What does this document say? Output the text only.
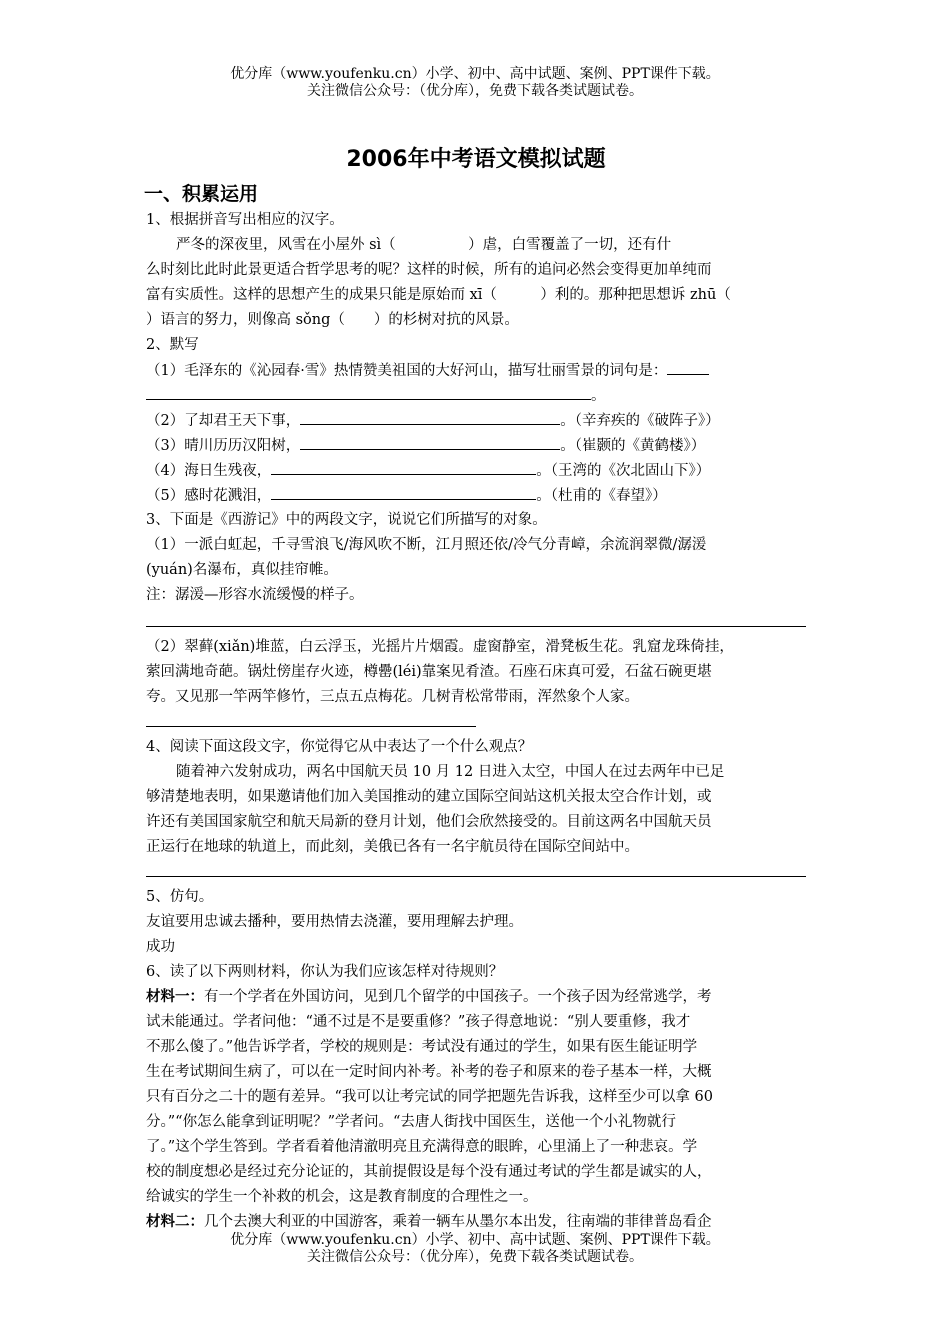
优分库（www.youfenku.cn）小学、初中、高中试题、案例、PPT课件下载。
关注微信公众号：（优分库），免费下载各类试题试卷。
2006年中考语文模拟试题
一、积累运用
1、根据拼音写出相应的汉字。
严冬的深夜里，风雪在小屋外 sì（　　　　　）虐，白雪覆盖了一切，还有什
么时刻比此时此景更适合哲学思考的呢？这样的时候，所有的追问必然会变得更加单纯而
富有实质性。这样的思想产生的成果只能是原始而 xī（　　　）利的。那种把思想诉 zhū（
）语言的努力，则像高 sǒng（　　）的杉树对抗的风景。
2、默写
（1）毛泽东的《沁园春·雪》热情赞美祖国的大好河山，描写壮丽雪景的词句是：
。
（2）了却君王天下事，	。（辛弃疾的《破阵子》）
（3）晴川历历汉阳树，	。（崔颢的《黄鹤楼》）
（4）海日生残夜，	。（王湾的《次北固山下》）
（5）感时花溅泪，	。（杜甫的《春望》）
3、下面是《西游记》中的两段文字，说说它们所描写的对象。
（1）一派白虹起，千寻雪浪飞/海风吹不断，江月照还依/冷气分青嶂，余流润翠微/潺湲
(yuán)名瀑布，真似挂帘帷。
注：潺湲—形容水流缓慢的样子。
（2）翠藓(xiǎn)堆蓝，白云浮玉，光摇片片烟霞。虚窗静室，滑凳板生花。乳窟龙珠倚挂，
萦回满地奇葩。锅灶傍崖存火迹，樽罍(léi)靠案见肴渣。石座石床真可爱，石盆石碗更堪
夸。又见那一竿两竿修竹，三点五点梅花。几树青松常带雨，浑然象个人家。
4、阅读下面这段文字，你觉得它从中表达了一个什么观点？
随着神六发射成功，两名中国航天员 10 月 12 日进入太空，中国人在过去两年中已足
够清楚地表明，如果邀请他们加入美国推动的建立国际空间站这机关报太空合作计划，或
许还有美国国家航空和航天局新的登月计划，他们会欣然接受的。目前这两名中国航天员
正运行在地球的轨道上，而此刻，美俄已各有一名宇航员待在国际空间站中。
5、仿句。
友谊要用忠诚去播种，要用热情去浇灌，要用理解去护理。
成功
6、读了以下两则材料，你认为我们应该怎样对待规则？
材料一：有一个学者在外国访问，见到几个留学的中国孩子。一个孩子因为经常逃学，考
试未能通过。学者问他：“通不过是不是要重修？”孩子得意地说：“别人要重修，我才
不那么傻了。”他告诉学者，学校的规则是：考试没有通过的学生，如果有医生能证明学
生在考试期间生病了，可以在一定时间内补考。补考的卷子和原来的卷子基本一样，大概
只有百分之二十的题有差异。“我可以让考完试的同学把题先告诉我，这样至少可以拿 60
分。”“你怎么能拿到证明呢？”学者问。“去唐人街找中国医生，送他一个小礼物就行
了。”这个学生答到。学者看着他清澈明亮且充满得意的眼眸，心里涌上了一种悲哀。学
校的制度想必是经过充分论证的，其前提假设是每个没有通过考试的学生都是诚实的人，
给诚实的学生一个补救的机会，这是教育制度的合理性之一。
材料二：几个去澳大利亚的中国游客，乘着一辆车从墨尔本出发，往南端的菲律普岛看企
优分库（www.youfenku.cn）小学、初中、高中试题、案例、PPT课件下载。
关注微信公众号：（优分库），免费下载各类试题试卷。
